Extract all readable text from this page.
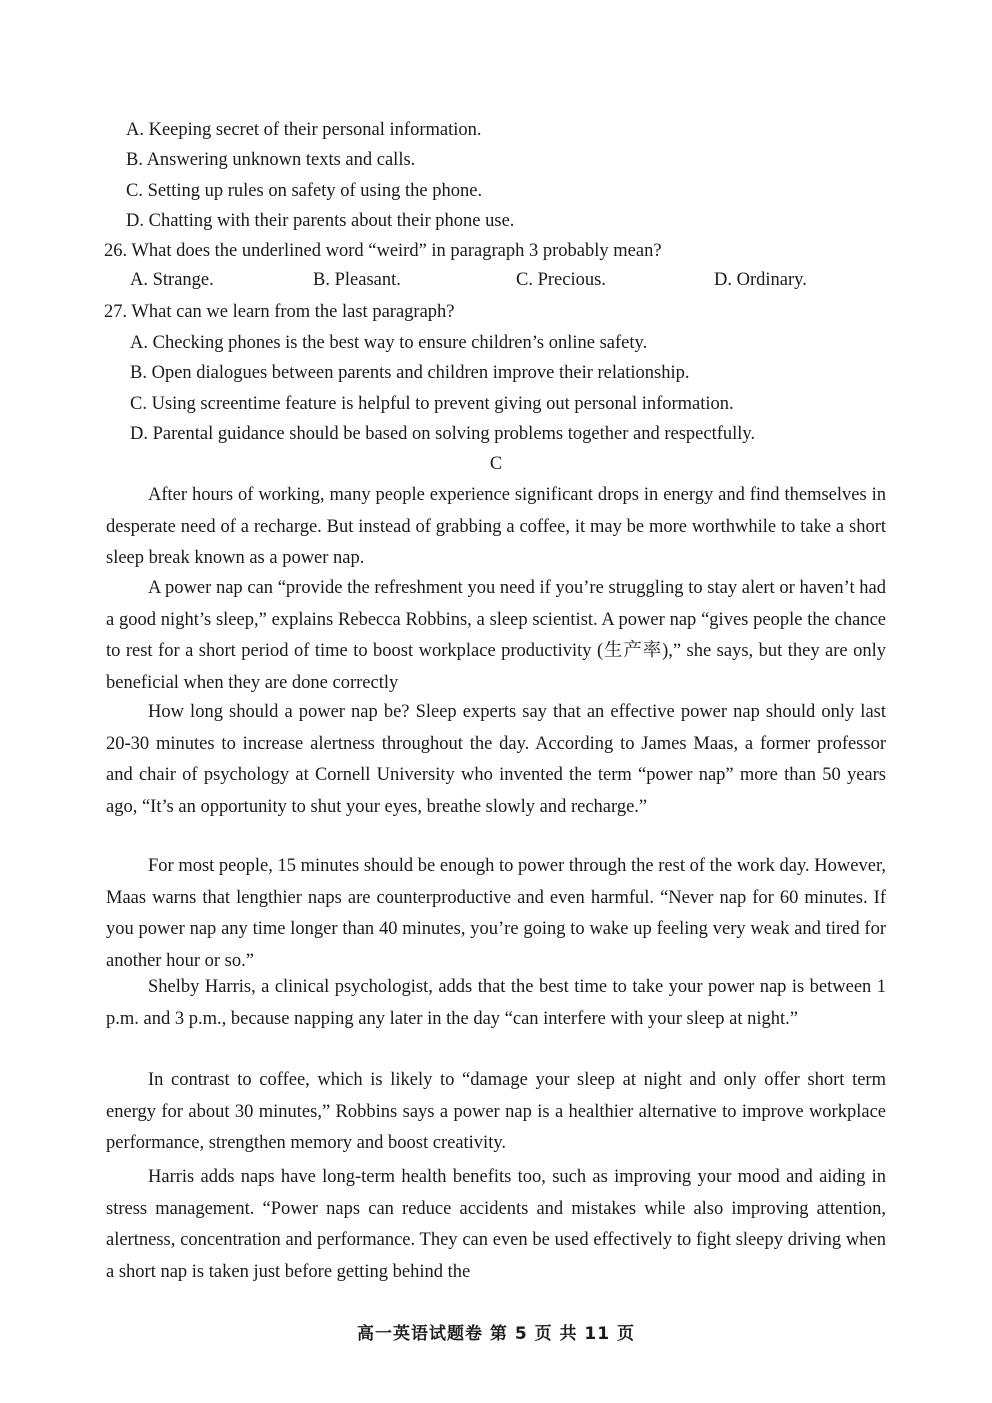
A. Keeping secret of their personal information.
B. Answering unknown texts and calls.
C. Setting up rules on safety of using the phone.
D. Chatting with their parents about their phone use.
26. What does the underlined word “weird” in paragraph 3 probably mean?
A. Strange.	B. Pleasant.	C. Precious.	D. Ordinary.
27. What can we learn from the last paragraph?
A. Checking phones is the best way to ensure children’s online safety.
B. Open dialogues between parents and children improve their relationship.
C. Using screentime feature is helpful to prevent giving out personal information.
D. Parental guidance should be based on solving problems together and respectfully.
C
After hours of working, many people experience significant drops in energy and find themselves in desperate need of a recharge. But instead of grabbing a coffee, it may be more worthwhile to take a short sleep break known as a power nap.
A power nap can “provide the refreshment you need if you’re struggling to stay alert or haven’t had a good night’s sleep,” explains Rebecca Robbins, a sleep scientist. A power nap “gives people the chance to rest for a short period of time to boost workplace productivity (生产率),” she says, but they are only beneficial when they are done correctly
How long should a power nap be? Sleep experts say that an effective power nap should only last 20-30 minutes to increase alertness throughout the day. According to James Maas, a former professor and chair of psychology at Cornell University who invented the term “power nap” more than 50 years ago, “It’s an opportunity to shut your eyes, breathe slowly and recharge.”
For most people, 15 minutes should be enough to power through the rest of the work day. However, Maas warns that lengthier naps are counterproductive and even harmful. “Never nap for 60 minutes. If you power nap any time longer than 40 minutes, you’re going to wake up feeling very weak and tired for another hour or so.”
Shelby Harris, a clinical psychologist, adds that the best time to take your power nap is between 1 p.m. and 3 p.m., because napping any later in the day “can interfere with your sleep at night.”
In contrast to coffee, which is likely to “damage your sleep at night and only offer short term energy for about 30 minutes,” Robbins says a power nap is a healthier alternative to improve workplace performance, strengthen memory and boost creativity.
Harris adds naps have long-term health benefits too, such as improving your mood and aiding in stress management. “Power naps can reduce accidents and mistakes while also improving attention, alertness, concentration and performance. They can even be used effectively to fight sleepy driving when a short nap is taken just before getting behind the
高一英语试题卷 第 5 页 共 11 页
